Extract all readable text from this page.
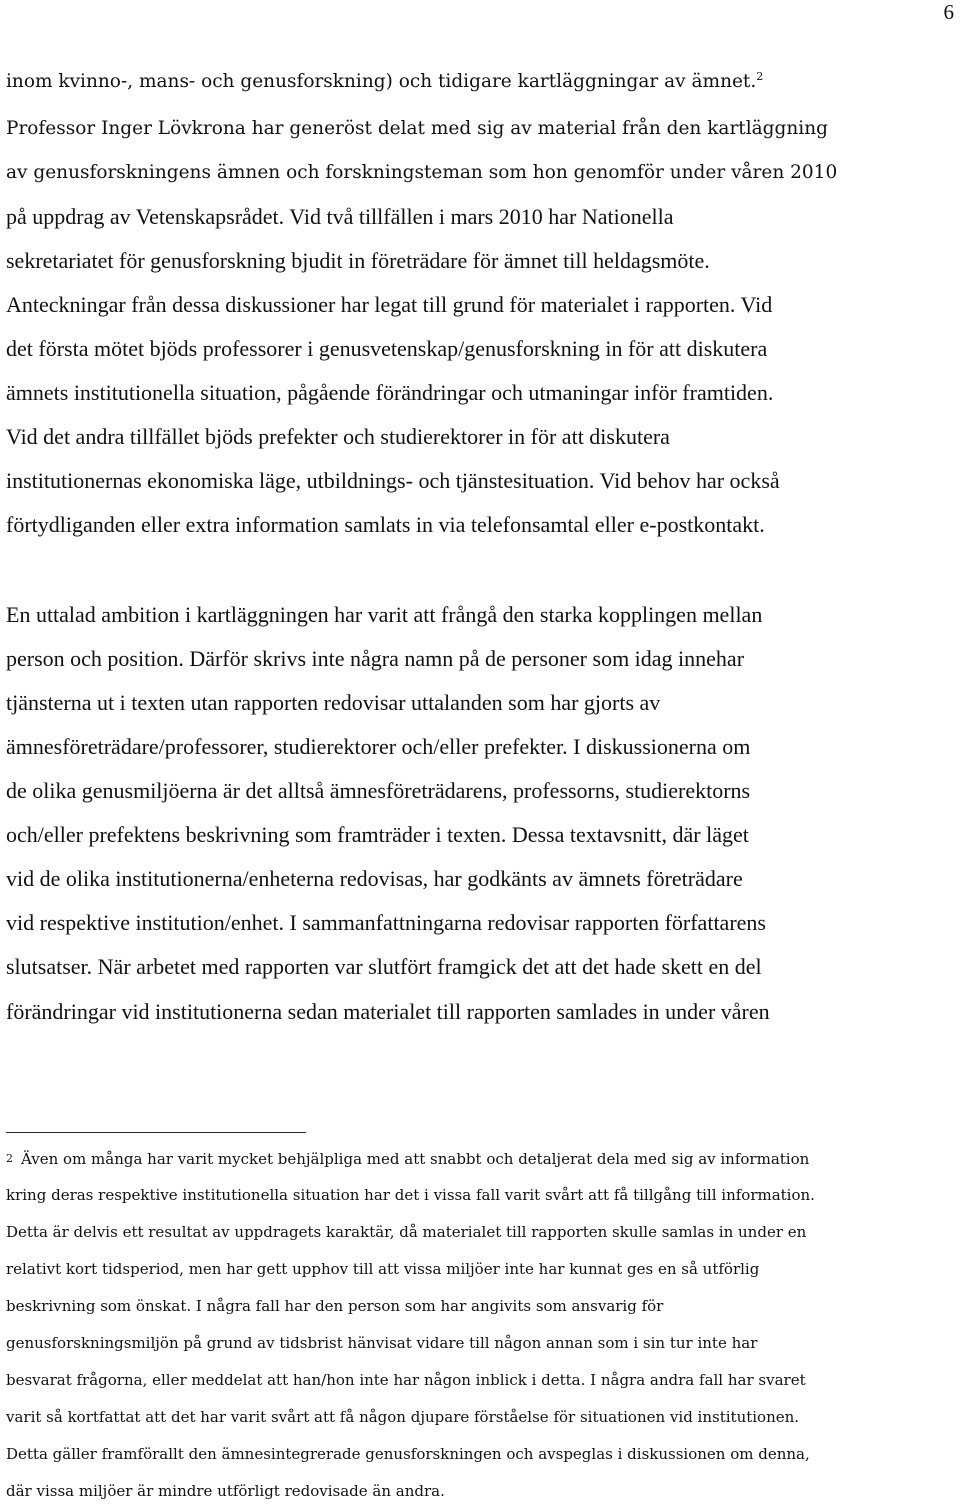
6

inom kvinno-, mans- och genusforskning) och tidigare kartläggningar av ämnet.$^2$

Professor Inger Lövkrona har generöst delat med sig av material från den kartläggning

av genusforskningens ämnen och forskningsteman som hon genomför under våren 2010

på uppdrag av Vetenskapsrådet. Vid två tillfällen i mars 2010 har Nationella

sekretariatet för genusforskning bjudit in företrädare för ämnet till heldagsmöte.

Anteckningar från dessa diskussioner har legat till grund för materialet i rapporten. Vid

det första mötet bjöds professorer i genusvetenskap/genusforskning in för att diskutera

ämnets institutionella situation, pågående förändringar och utmaningar inför framtiden.

Vid det andra tillfället bjöds prefekter och studierektorer in för att diskutera

institutionernas ekonomiska läge, utbildnings- och tjänstesituation. Vid behov har också

förtydliganden eller extra information samlats in via telefonsamtal eller e-postkontakt.

En uttalad ambition i kartläggningen har varit att frångå den starka kopplingen mellan

person och position. Därför skrivs inte några namn på de personer som idag innehar

tjänsterna ut i texten utan rapporten redovisar uttalanden som har gjorts av

ämnesföreträdare/professorer, studierektorer och/eller prefekter. I diskussionerna om

de olika genusmiljöerna är det alltså ämnesföreträdarens, professorns, studierektorns

och/eller prefektens beskrivning som framträder i texten. Dessa textavsnitt, där läget

vid de olika institutionerna/enheterna redovisas, har godkänts av ämnets företrädare

vid respektive institution/enhet. I sammanfattningarna redovisar rapporten författarens

slutsatser. När arbetet med rapporten var slutfört framgick det att det hade skett en del

förändringar vid institutionerna sedan materialet till rapporten samlades in under våren

$^2$ Även om många har varit mycket behjälpliga med att snabbt och detaljerat dela med sig av information

kring deras respektive institutionella situation har det i vissa fall varit svårt att få tillgång till information.

Detta är delvis ett resultat av uppdragets karaktär, då materialet till rapporten skulle samlas in under en

relativt kort tidsperiod, men har gett upphov till att vissa miljöer inte har kunnat ges en så utförlig

beskrivning som önskat. I några fall har den person som har angivits som ansvarig för

genusforskningsmiljön på grund av tidsbrist hänvisat vidare till någon annan som i sin tur inte har

besvarat frågorna, eller meddelat att han/hon inte har någon inblick i detta. I några andra fall har svaret

varit så kortfattat att det har varit svårt att få någon djupare förståelse för situationen vid institutionen.

Detta gäller framförallt den ämnesintegrerade genusforskningen och avspeglas i diskussionen om denna,

där vissa miljöer är mindre utförligt redovisade än andra.
